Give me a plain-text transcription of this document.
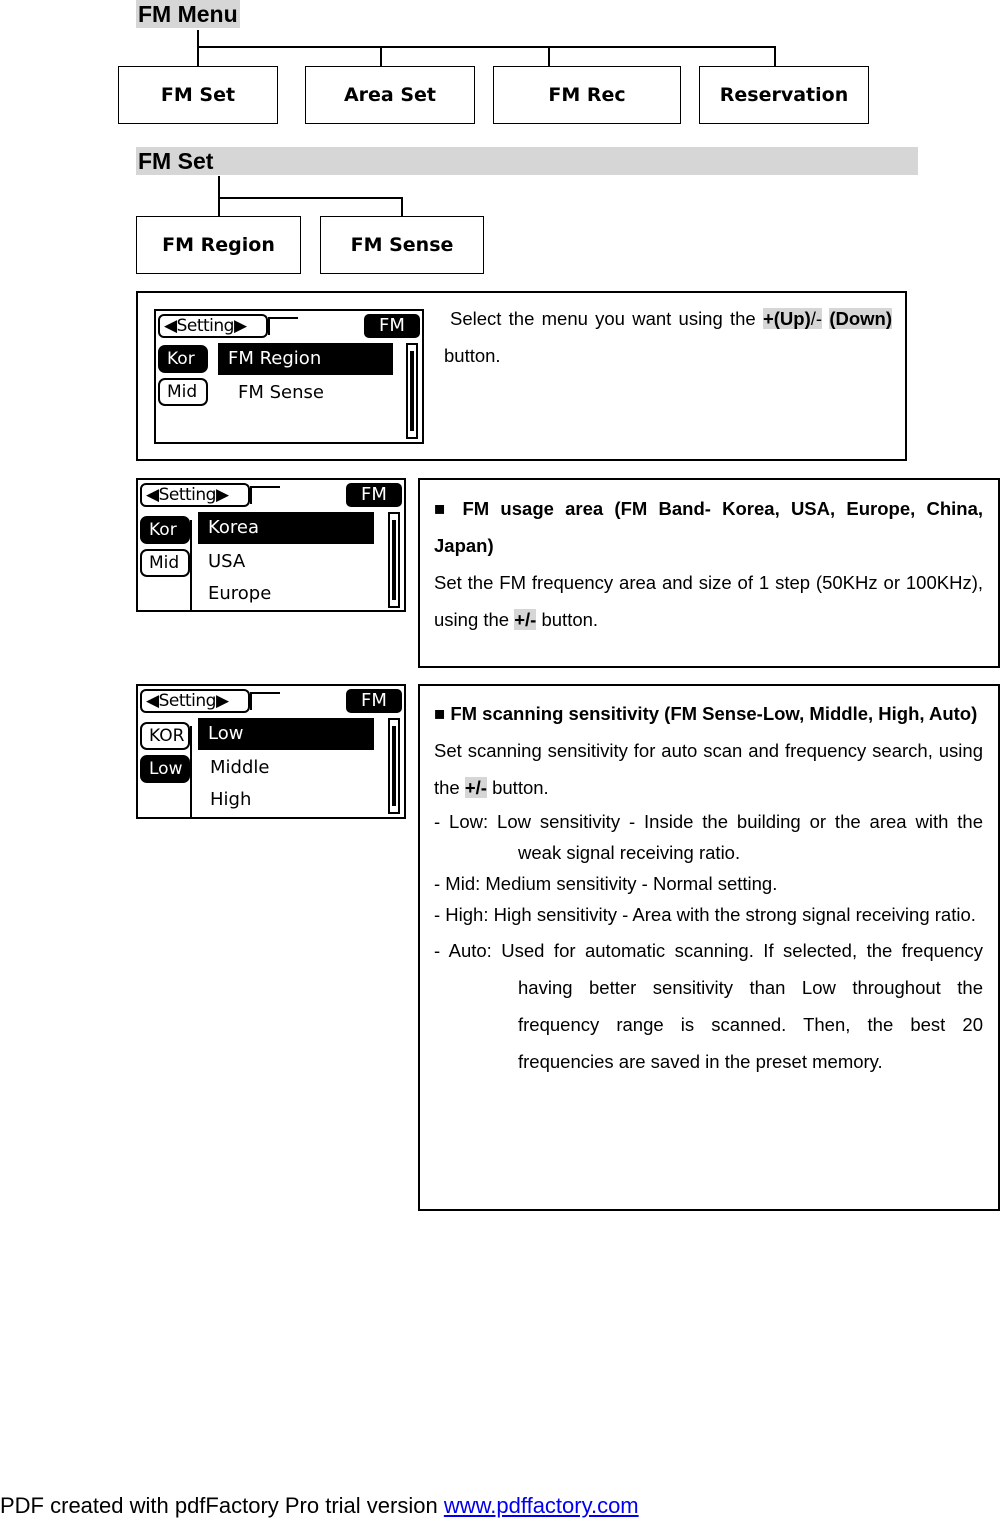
FM Menu
FM Set	Area Set	FM Rec	Reservation
FM Set
FM Region	FM Sense
◀Setting▶	FM
Kor
Mid
FM Region
FM Sense
Select the menu you want using the +(Up)/- (Down) button.
◀Setting▶	FM
Kor
Mid
Korea
USA
Europe

■ FM usage area (FM Band- Korea, USA, Europe, China, Japan)

Set the FM frequency area and size of 1 step (50KHz or 100KHz), using the +/- button.

◀Setting▶	FM
KOR
Low
Low
Middle
High

■ FM scanning sensitivity (FM Sense-Low, Middle, High, Auto)

Set scanning sensitivity for auto scan and frequency search, using the +/- button.

- Low: Low sensitivity - Inside the building or the area with the weak signal receiving ratio.

- Mid: Medium sensitivity - Normal setting.

- High: High sensitivity - Area with the strong signal receiving ratio.

- Auto: Used for automatic scanning. If selected, the frequency having better sensitivity than Low throughout the frequency range is scanned. Then, the best 20 frequencies are saved in the preset memory.

PDF created with pdfFactory Pro trial version www.pdffactory.com
